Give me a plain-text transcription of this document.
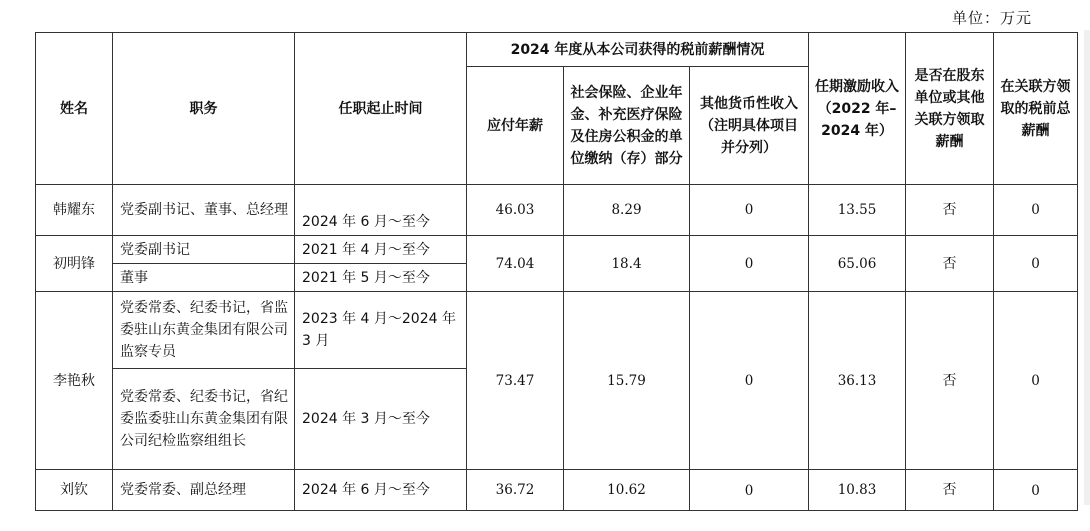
单位：万元
姓名	职务	任职起止时间	2024 年度从本公司获得的税前薪酬情况			任期激励收入（2022 年–2024 年）	是否在股东单位或其他关联方领取薪酬	在关联方领取的税前总薪酬
			应付年薪	社会保险、企业年金、补充医疗保险及住房公积金的单位缴纳（存）部分	其他货币性收入（注明具体项目并分列）			
韩耀东	党委副书记、董事、总经理	2024 年 6 月～至今	46.03	8.29	0	13.55	否	0
初明锋	党委副书记	2021 年 4 月～至今	74.04	18.4	0	65.06	否	0
	董事	2021 年 5 月～至今						
李艳秋	党委常委、纪委书记，省监委驻山东黄金集团有限公司监察专员	2023 年 4 月～2024 年 3 月	73.47	15.79	0	36.13	否	0
	党委常委、纪委书记，省纪委监委驻山东黄金集团有限公司纪检监察组组长	2024 年 3 月～至今						
刘钦	党委常委、副总经理	2024 年 6 月～至今	36.72	10.62	0	10.83	否	0
